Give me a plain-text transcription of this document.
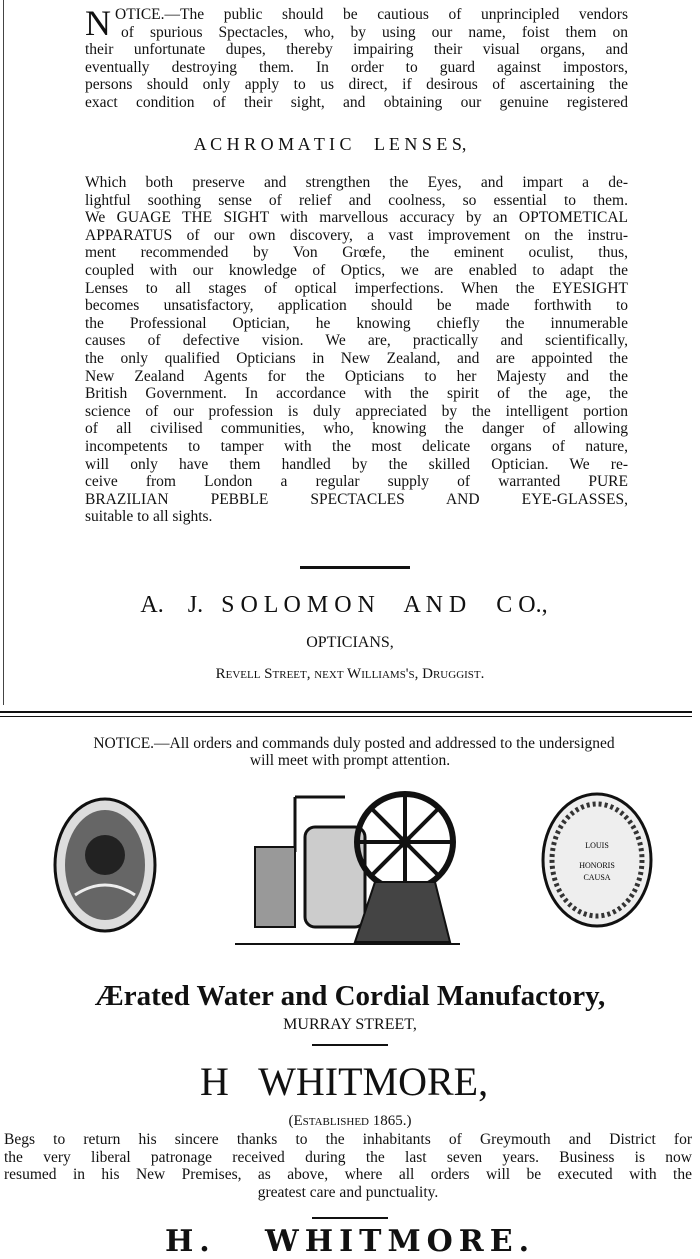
N OTICE.—The public should be cautious of unprincipled vendors
of spurious Spectacles, who, by using our name, foist them on
their unfortunate dupes, thereby impairing their visual organs, and
eventually destroying them. In order to guard against impostors,
persons should only apply to us direct, if desirous of ascertaining the
exact condition of their sight, and obtaining our genuine registered
A C H R O M A T I C     L E N S E S,
Which both preserve and strengthen the Eyes, and impart a de-
lightful soothing sense of relief and coolness, so essential to them.
We GUAGE THE SIGHT with marvellous accuracy by an OPTOMETICAL
APPARATUS of our own discovery, a vast improvement on the instru-
ment recommended by Von Grœfe, the eminent oculist, thus,
coupled with our knowledge of Optics, we are enabled to adapt the
Lenses to all stages of optical imperfections. When the EYESIGHT
becomes unsatisfactory, application should be made forthwith to
the Professional Optician, he knowing chiefly the innumerable
causes of defective vision. We are, practically and scientifically,
the only qualified Opticians in New Zealand, and are appointed the
New Zealand Agents for the Opticians to her Majesty and the
British Government. In accordance with the spirit of the age, the
science of our profession is duly appreciated by the intelligent portion
of all civilised communities, who, knowing the danger of allowing
incompetents to tamper with the most delicate organs of nature,
will only have them handled by the skilled Optician. We re-
ceive from London a regular supply of warranted PURE
BRAZILIAN PEBBLE SPECTACLES AND EYE-GLASSES,
suitable to all sights.
A.    J.   S O L O M O N     A N D     C O.,
OPTICIANS,
Revell Street, next Williams's, Druggist.
NOTICE.—All orders and commands duly posted and addressed to the undersigned
will meet with prompt attention.
LOUIS
HONORIS
CAUSA
Ærated Water and Cordial Manufactory,
MURRAY STREET,
H   WHITMORE,
(Established 1865.)
Begs to return his sincere thanks to the inhabitants of Greymouth and District for
the very liberal patronage received during the last seven years. Business is now
resumed in his New Premises, as above, where all orders will be executed with the
greatest care and punctuality.
H.   WHITMORE.
